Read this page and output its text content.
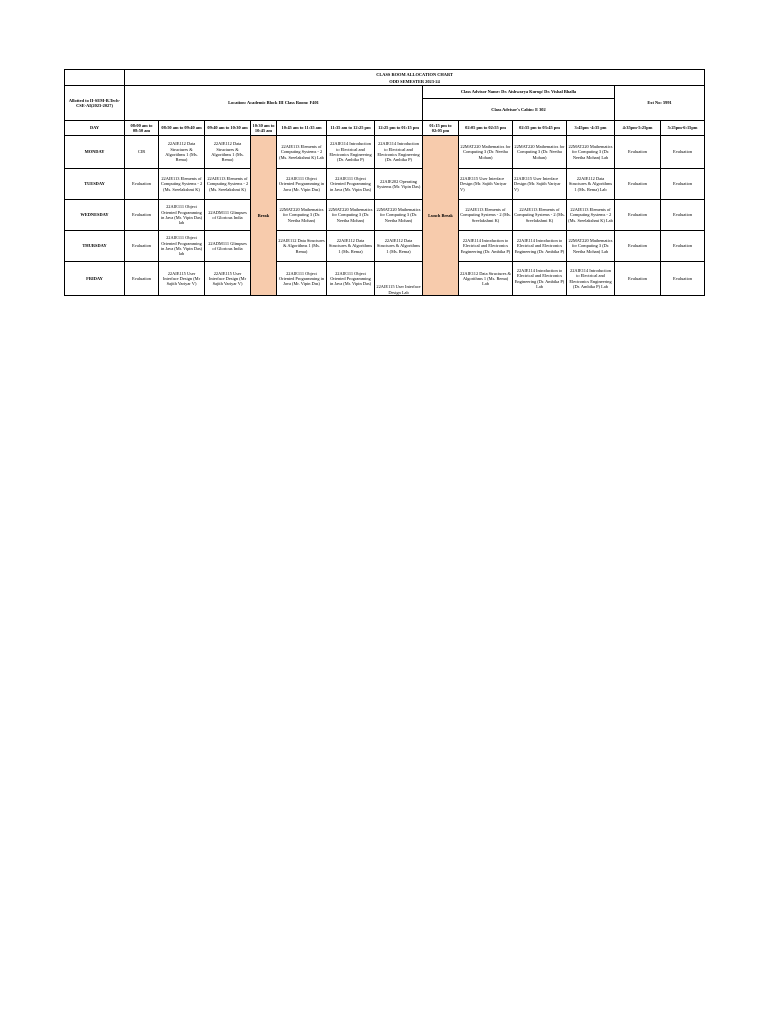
	CLASS ROOM ALLOCATION CHART												
	ODD SEMESTER 2023-24												
Allotted to II-SEM-B.Tech-CSE-AI(2023-2027)	Location: Academic Block III Class Room: F401							Class Advisor Name: Dr. Aishwarya Kurup/ Dr. Vishal Bhalla				Ext No: 5991	
								Class Advisor's Cabin: E 302					
DAY	08:00 am to 08:50 am	08:50 am to 09:40 am	09:40 am to 10:30 am	10:30 am to 10:45 am	10:45 am to 11:35 am	11:35 am to 12:25 pm	12:25 pm to 01:15 pm	01:15 pm to 02:05 pm	02:05 pm to 02:55 pm	02:55 pm to 03:45 pm	3:45pm -4:35 pm	4:35pm-5:25pm	5:25pm-6:15pm
MONDAY	CIR	22AIE112 Data Structures & Algorithms 1 (Ms. Remа)	22AIE112 Data Structures & Algorithms 1 (Ms. Rema)	Break	22AIE113 Elements of Computing Systems - 2 (Ms. Sreelakshmi K) Lab	22AIE114 Introduction to Electrical and Electronics Engineering (Dr. Ambika P)	22AIE114 Introduction to Electrical and Electronics Engineering (Dr. Ambika P)	Lunch Break	22MAT220 Mathematics for Computing 3 (Dr. Neetha Mohan)	22MAT220 Mathematics for Computing 3 (Dr. Neetha Mohan)	22MAT220 Mathematics for Computing 3 (Dr. Neetha Mohan) Lab	Evaluation	Evaluation
TUESDAY	Evaluation	22AIE113 Elements of Computing Systems - 2 (Ms. Sreelakshmi K)	22AIE113 Elements of Computing Systems - 2 (Ms. Sreelakshmi K)		22AIE111 Object Oriented Programming in Java (Mr. Vipin Das)	22AIE111 Object Oriented Programming in Java (Mr. Vipin Das)	22AIE202 Operating Systems (Mr. Vipin Das)		22AIE115 User Interface Design (Mr. Sajith Variyar V)	22AIE115 User Interface Design (Mr. Sajith Variyar V)	22AIE112 Data Structures & Algorithms 1 (Ms. Rema) Lab	Evaluation	Evaluation
WEDNESDAY	Evaluation	22AIE111 Object Oriented Programming in Java (Mr. Vipin Das) lab	22ADM111 Glimpses of Glorious India		22MAT220 Mathematics for Computing 3 (Dr. Neetha Mohan)	22MAT220 Mathematics for Computing 3 (Dr. Neetha Mohan)	22MAT220 Mathematics for Computing 3 (Dr. Neetha Mohan)		22AIE113 Elements of Computing Systems - 2 (Ms. Sreelakshmi K)	22AIE113 Elements of Computing Systems - 2 (Ms. Sreelakshmi K)	22AIE113 Elements of Computing Systems - 2 (Ms. Sreelakshmi K) Lab	Evaluation	Evaluation
THURSDAY	Evaluation	22AIE111 Object Oriented Programming in Java (Mr. Vipin Das) lab	22ADM111 Glimpses of Glorious India		22AIE112 Data Structures & Algorithms 1 (Ms. Rema)	22AIE112 Data Structures & Algorithms 1 (Ms. Rema)	22AIE112 Data Structures & Algorithms 1 (Ms. Rema)		22AIE114 Introduction to Electrical and Electronics Engineering (Dr. Ambika P)	22AIE114 Introduction to Electrical and Electronics Engineering (Dr. Ambika P)	22MAT220 Mathematics for Computing 3 (Dr. Neetha Mohan) Lab	Evaluation	Evaluation
FRIDAY	Evaluation	22AIE115 User Interface Design (Mr Sajith Variyar V)	22AIE115 User Interface Design (Mr Sajith Variyar V)		22AIE111 Object Oriented Programming in Java (Mr. Vipin Das)	22AIE111 Object Oriented Programming in Java (Mr. Vipin Das)	22AIE115 User Interface Design Lab		22AIE112 Data Structures & Algorithms 1 (Ms. Rema) Lab	22AIE114 Introduction to Electrical and Electronics Engineering (Dr. Ambika P) Lab	22AIE114 Introduction to Electrical and Electronics Engineering (Dr. Ambika P) Lab	Evaluation	Evaluation
